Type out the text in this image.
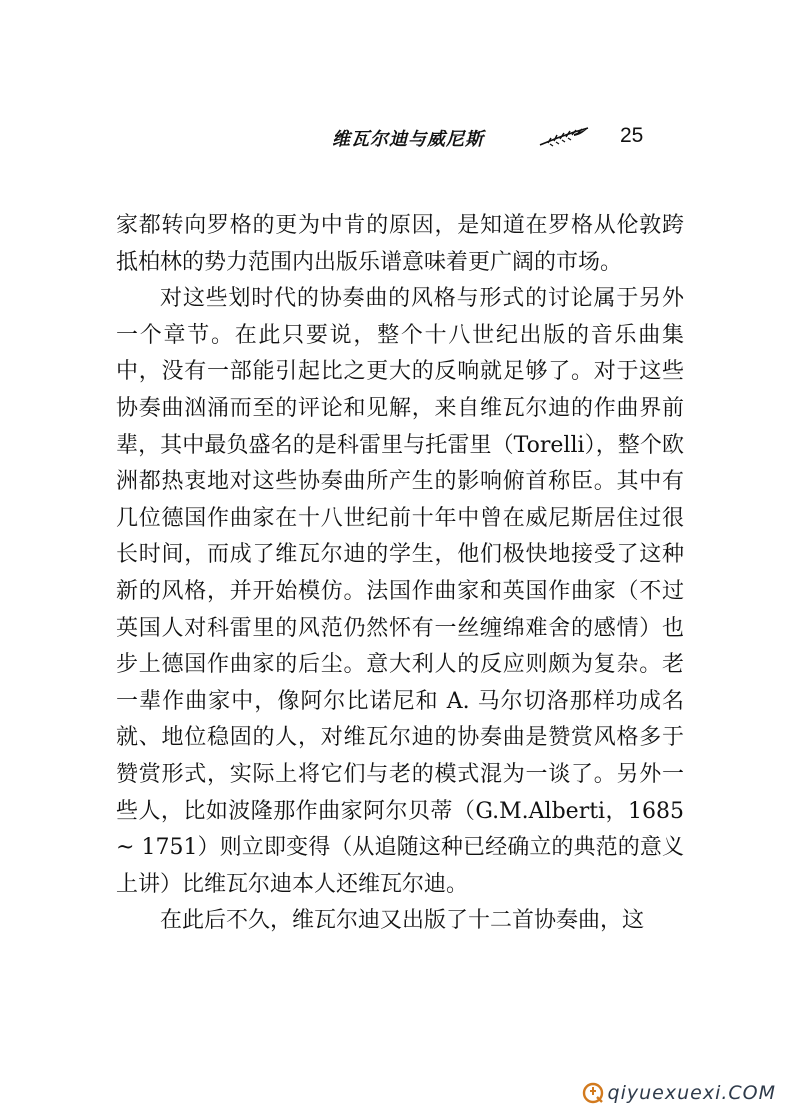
维瓦尔迪与威尼斯	25

家都转向罗格的更为中肯的原因，是知道在罗格从伦敦跨抵柏林的势力范围内出版乐谱意味着更广阔的市场。

对这些划时代的协奏曲的风格与形式的讨论属于另外一个章节。在此只要说，整个十八世纪出版的音乐曲集中，没有一部能引起比之更大的反响就足够了。对于这些协奏曲汹涌而至的评论和见解，来自维瓦尔迪的作曲界前辈，其中最负盛名的是科雷里与托雷里（Torelli），整个欧洲都热衷地对这些协奏曲所产生的影响俯首称臣。其中有几位德国作曲家在十八世纪前十年中曾在威尼斯居住过很长时间，而成了维瓦尔迪的学生，他们极快地接受了这种新的风格，并开始模仿。法国作曲家和英国作曲家（不过英国人对科雷里的风范仍然怀有一丝缠绵难舍的感情）也步上德国作曲家的后尘。意大利人的反应则颇为复杂。老一辈作曲家中，像阿尔比诺尼和 A. 马尔切洛那样功成名就、地位稳固的人，对维瓦尔迪的协奏曲是赞赏风格多于赞赏形式，实际上将它们与老的模式混为一谈了。另外一些人，比如波隆那作曲家阿尔贝蒂（G.M.Alberti，1685 ~ 1751）则立即变得（从追随这种已经确立的典范的意义上讲）比维瓦尔迪本人还维瓦尔迪。

在此后不久，维瓦尔迪又出版了十二首协奏曲，这

qiyuexuexi.COM
